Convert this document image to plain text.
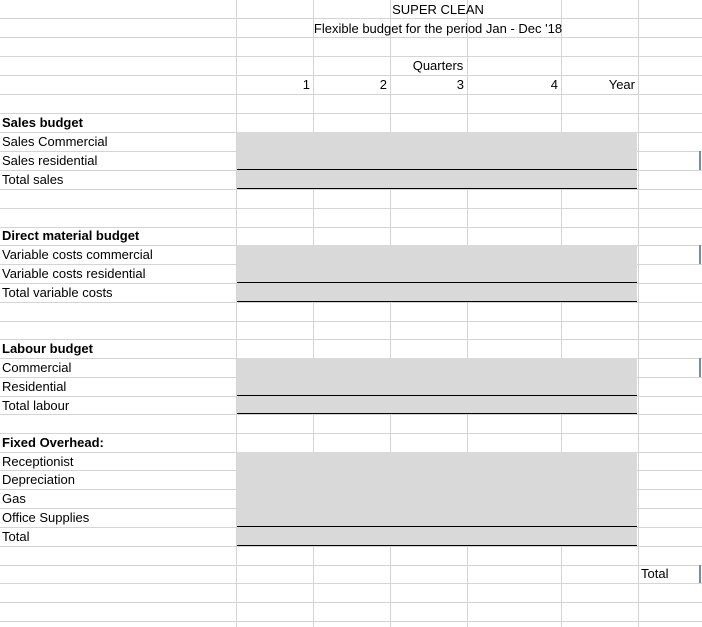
SUPER CLEAN
Flexible budget for the period Jan - Dec '18
Quarters
1	2	3	4	Year
Sales budget
Sales Commercial
Sales residential
Total sales
Direct material budget
Variable costs commercial
Variable costs residential
Total variable costs
Labour budget
Commercial
Residential
Total labour
Fixed Overhead:
Receptionist
Depreciation
Gas
Office Supplies
Total
Total
